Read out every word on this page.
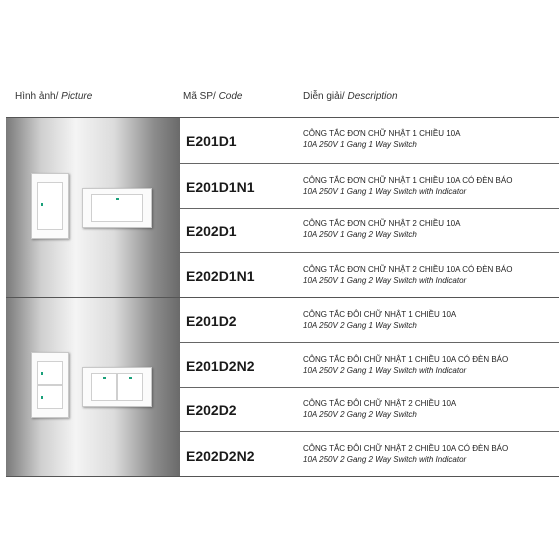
Hình ảnh/ Picture	Mã SP/ Code	Diễn giải/ Description
E201D1	CÔNG TẮC ĐƠN CHỮ NHẬT 1 CHIỀU 10A
10A 250V 1 Gang 1 Way Switch
E201D1N1	CÔNG TẮC ĐƠN CHỮ NHẬT 1 CHIỀU 10A CÓ ĐÈN BÁO
10A 250V 1 Gang 1 Way Switch with Indicator
E202D1	CÔNG TẮC ĐƠN CHỮ NHẬT 2 CHIỀU 10A
10A 250V 1 Gang 2 Way Switch
E202D1N1	CÔNG TẮC ĐƠN CHỮ NHẬT 2 CHIỀU 10A CÓ ĐÈN BÁO
10A 250V 1 Gang 2 Way Switch with Indicator
E201D2	CÔNG TẮC ĐÔI CHỮ NHẬT 1 CHIỀU 10A
10A 250V 2 Gang 1 Way Switch
E201D2N2	CÔNG TẮC ĐÔI CHỮ NHẬT 1 CHIỀU 10A CÓ ĐÈN BÁO
10A 250V 2 Gang 1 Way Switch with Indicator
E202D2	CÔNG TẮC ĐÔI CHỮ NHẬT 2 CHIỀU 10A
10A 250V 2 Gang 2 Way Switch
E202D2N2	CÔNG TẮC ĐÔI CHỮ NHẬT 2 CHIỀU 10A CÓ ĐÈN BÁO
10A 250V 2 Gang 2 Way Switch with Indicator
